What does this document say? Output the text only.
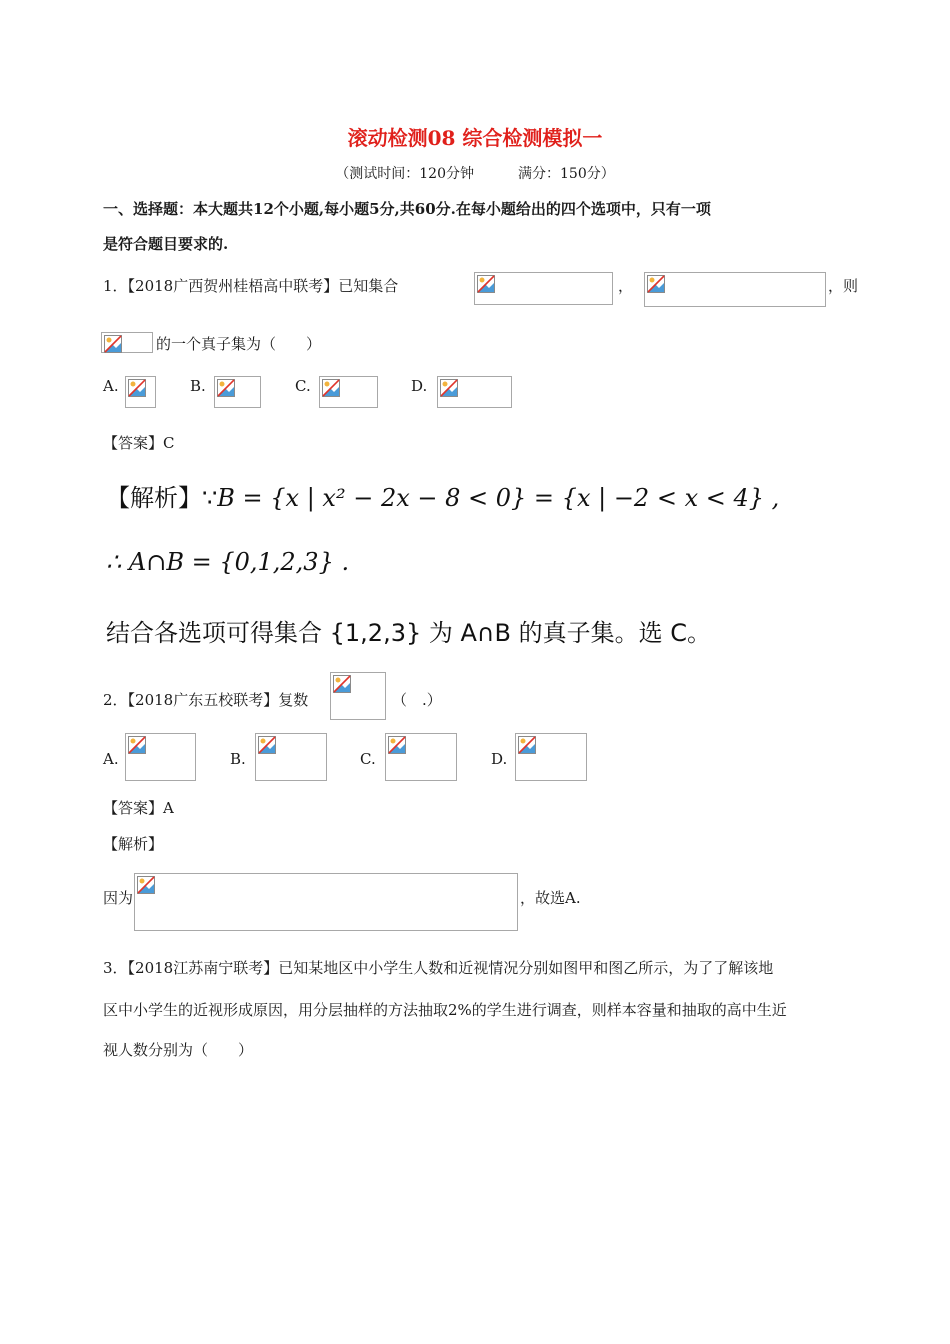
滚动检测08 综合检测模拟一
（测试时间：120分钟	满分：150分）
一、选择题：本大题共12个小题,每小题5分,共60分.在每小题给出的四个选项中，只有一项
是符合题目要求的.
1．【2018广西贺州桂梧高中联考】已知集合	，	，则
的一个真子集为（　　）
A.	B.	C.	D.
【答案】C
【解析】∵B = {x | x² − 2x − 8 < 0} = {x | −2 < x < 4} ,
∴ A∩B = {0,1,2,3} .
结合各选项可得集合 {1,2,3} 为 A∩B 的真子集。选 C。
2．【2018广东五校联考】复数	（　.）
A.	B.	C.	D.
【答案】A
【解析】
因为	，故选A.
3．【2018江苏南宁联考】已知某地区中小学生人数和近视情况分别如图甲和图乙所示，为了了解该地
区中小学生的近视形成原因，用分层抽样的方法抽取2%的学生进行调查，则样本容量和抽取的高中生近
视人数分别为（　　）
